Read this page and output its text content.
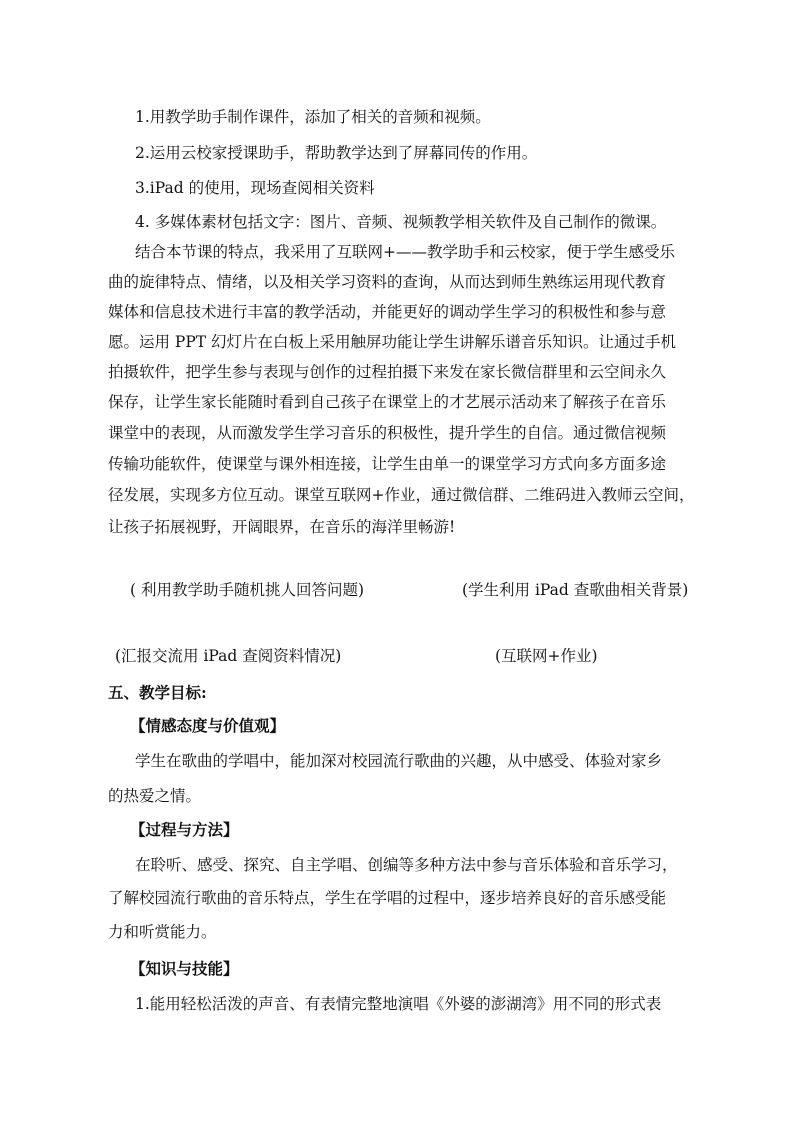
1.用教学助手制作课件，添加了相关的音频和视频。
2.运用云校家授课助手，帮助教学达到了屏幕同传的作用。
3.iPad 的使用，现场查阅相关资料
4. 多媒体素材包括文字：图片、音频、视频教学相关软件及自己制作的微课。
结合本节课的特点，我采用了互联网+——教学助手和云校家，便于学生感受乐
曲的旋律特点、情绪，以及相关学习资料的查询，从而达到师生熟练运用现代教育
媒体和信息技术进行丰富的教学活动，并能更好的调动学生学习的积极性和参与意
愿。运用 PPT 幻灯片在白板上采用触屏功能让学生讲解乐谱音乐知识。让通过手机
拍摄软件，把学生参与表现与创作的过程拍摄下来发在家长微信群里和云空间永久
保存，让学生家长能随时看到自己孩子在课堂上的才艺展示活动来了解孩子在音乐
课堂中的表现，从而激发学生学习音乐的积极性，提升学生的自信。通过微信视频
传输功能软件，使课堂与课外相连接，让学生由单一的课堂学习方式向多方面多途
径发展，实现多方位互动。课堂互联网+作业，通过微信群、二维码进入教师云空间，
让孩子拓展视野，开阔眼界，在音乐的海洋里畅游!
( 利用教学助手随机挑人回答问题)	(学生利用 iPad 查歌曲相关背景)
(汇报交流用 iPad 查阅资料情况)	(互联网+作业)
五、教学目标:
【情感态度与价值观】
学生在歌曲的学唱中，能加深对校园流行歌曲的兴趣，从中感受、体验对家乡
的热爱之情。
【过程与方法】
在聆听、感受、探究、自主学唱、创编等多种方法中参与音乐体验和音乐学习，
了解校园流行歌曲的音乐特点，学生在学唱的过程中，逐步培养良好的音乐感受能
力和听赏能力。
【知识与技能】
1.能用轻松活泼的声音、有表情完整地演唱《外婆的澎湖湾》用不同的形式表
